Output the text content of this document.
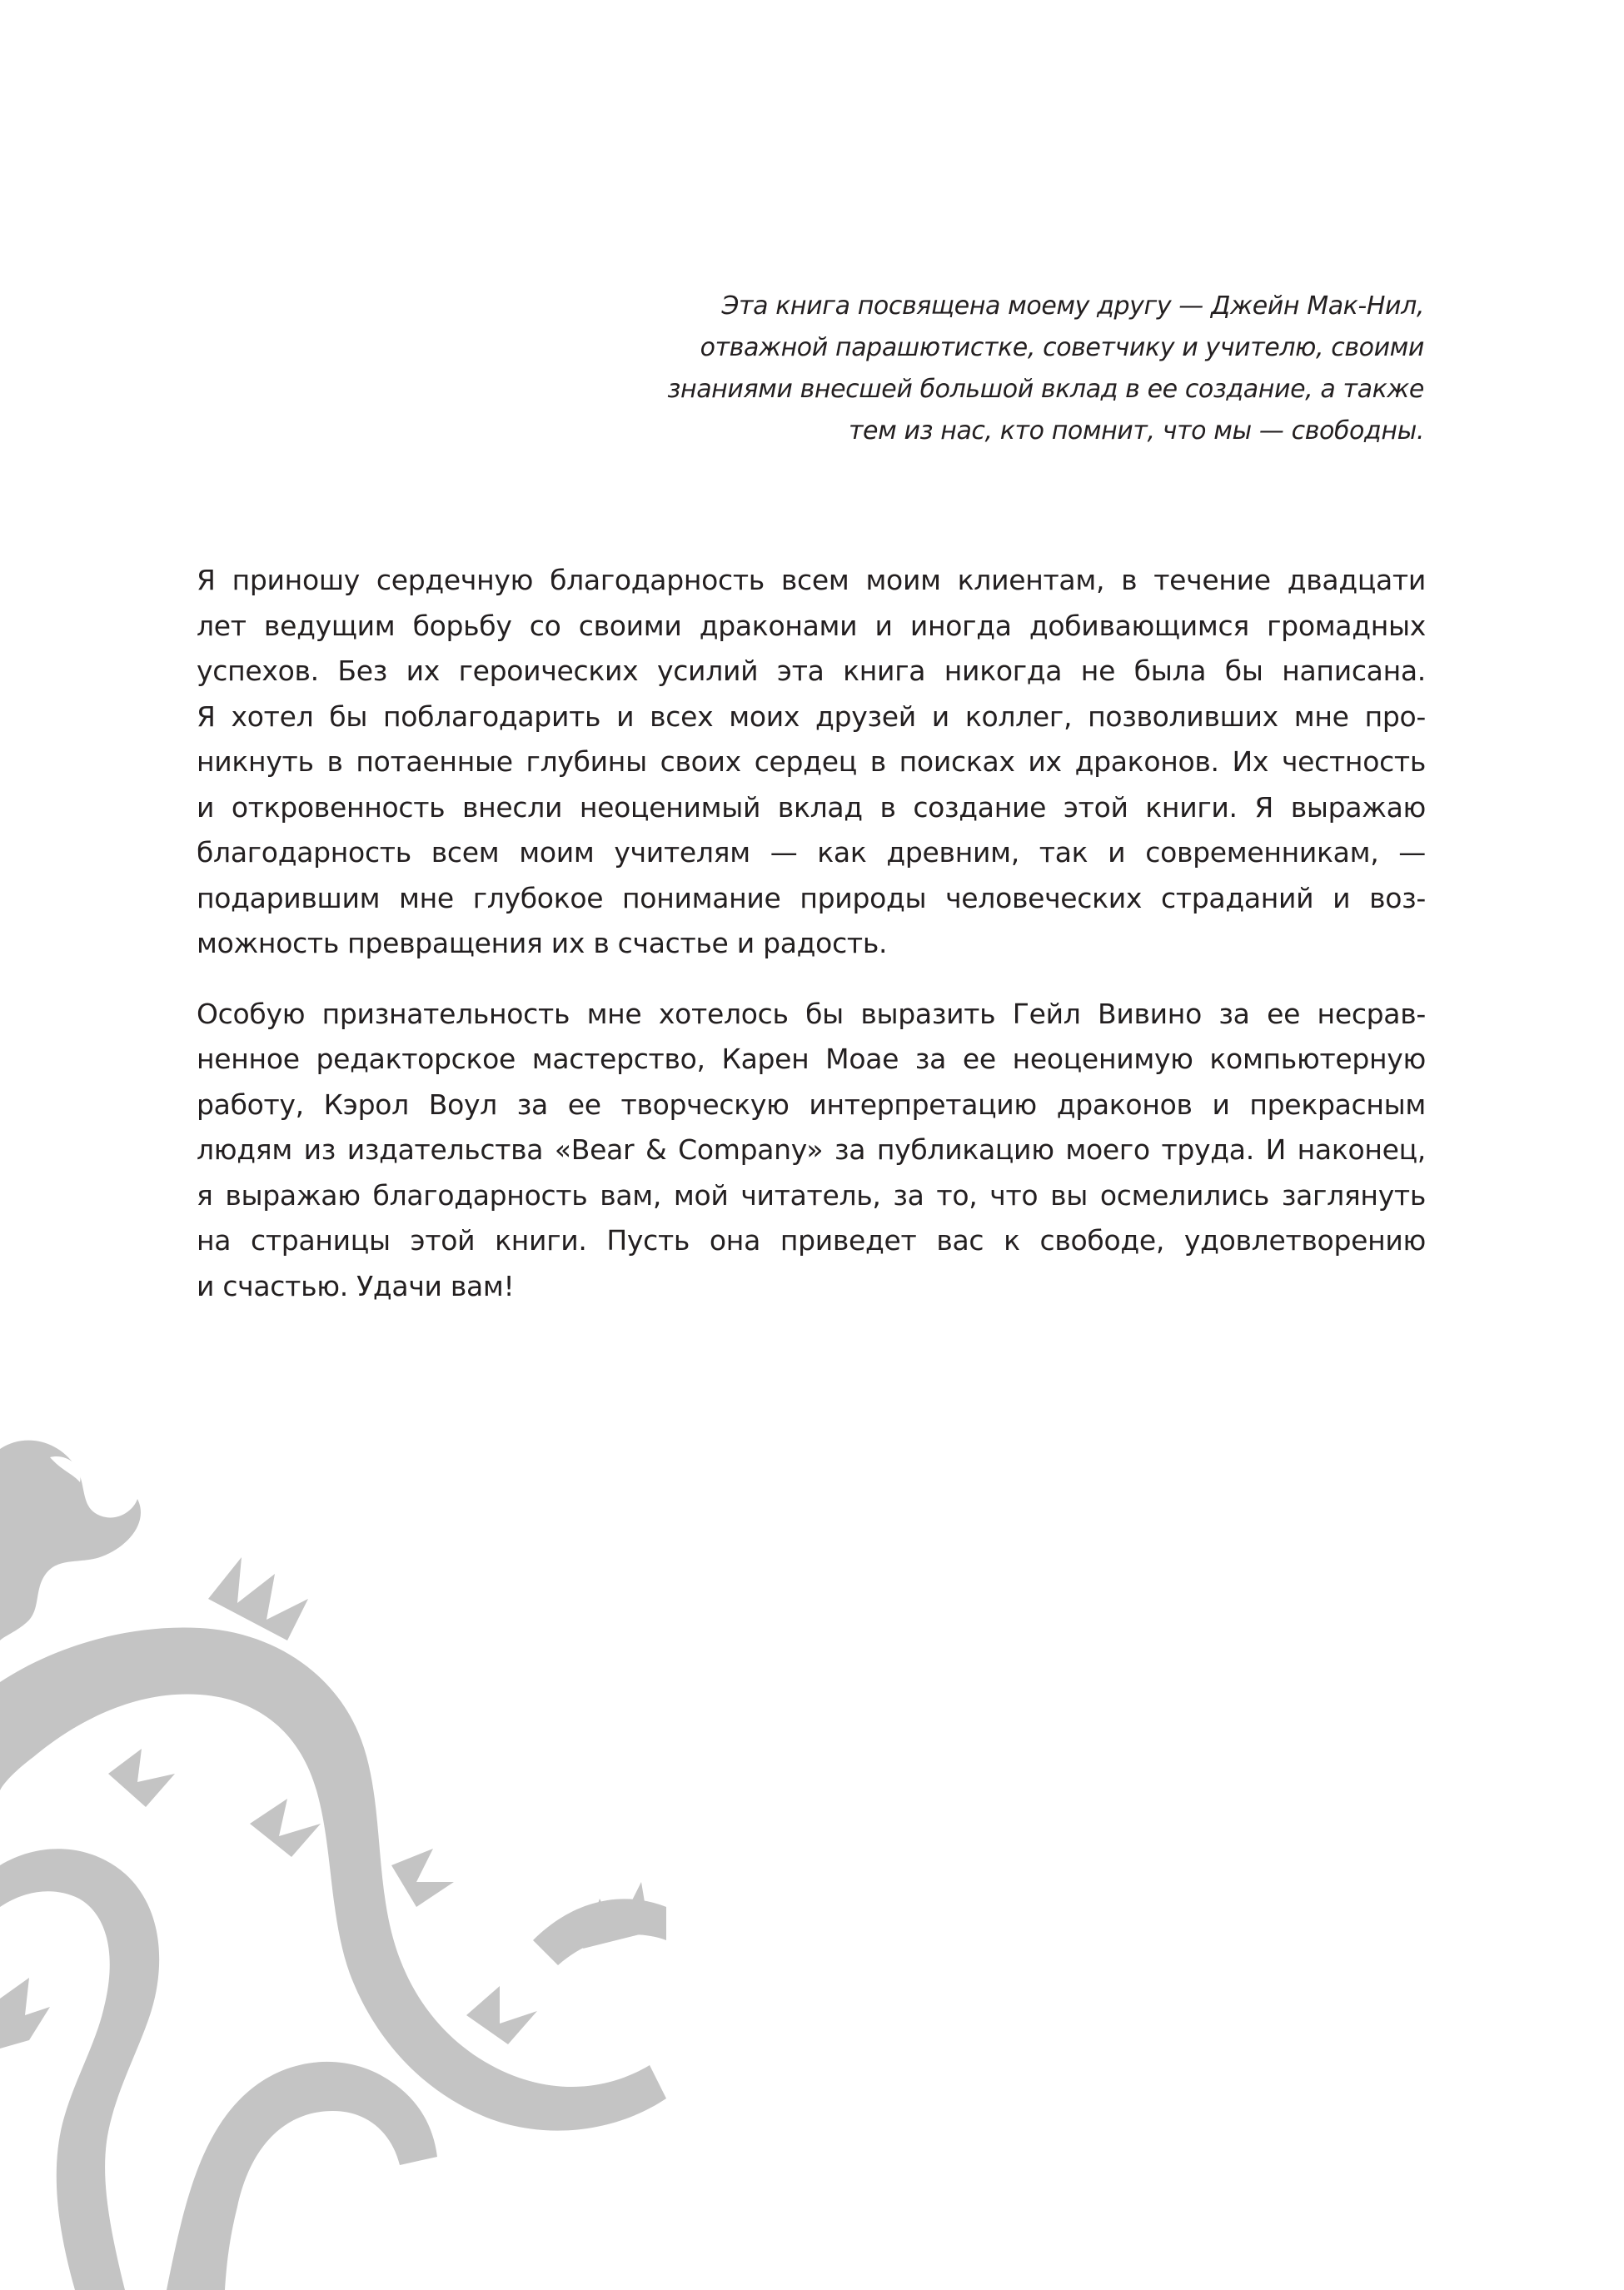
Эта книга посвящена моему другу — Джейн Мак-Нил,
отважной парашютистке, советчику и учителю, своими
знаниями внесшей большой вклад в ее создание, а также
тем из нас, кто помнит, что мы — свободны.

Я приношу сердечную благодарность всем моим клиентам, в течение двадцати
лет ведущим борьбу со своими драконами и иногда добивающимся громадных
успехов. Без их героических усилий эта книга никогда не была бы написана.
Я хотел бы поблагодарить и всех моих друзей и коллег, позволивших мне про-
никнуть в потаенные глубины своих сердец в поисках их драконов. Их честность
и откровенность внесли неоценимый вклад в создание этой книги. Я выражаю
благодарность всем моим учителям — как древним, так и современникам, —
подарившим мне глубокое понимание природы человеческих страданий и воз-
можность превращения их в счастье и радость.

Особую признательность мне хотелось бы выразить Гейл Вивино за ее несрав-
ненное редакторское мастерство, Карен Моае за ее неоценимую компьютерную
работу, Кэрол Воул за ее творческую интерпретацию драконов и прекрасным
людям из издательства «Bear & Company» за публикацию моего труда. И наконец,
я выражаю благодарность вам, мой читатель, за то, что вы осмелились заглянуть
на страницы этой книги. Пусть она приведет вас к свободе, удовлетворению
и счастью. Удачи вам!
